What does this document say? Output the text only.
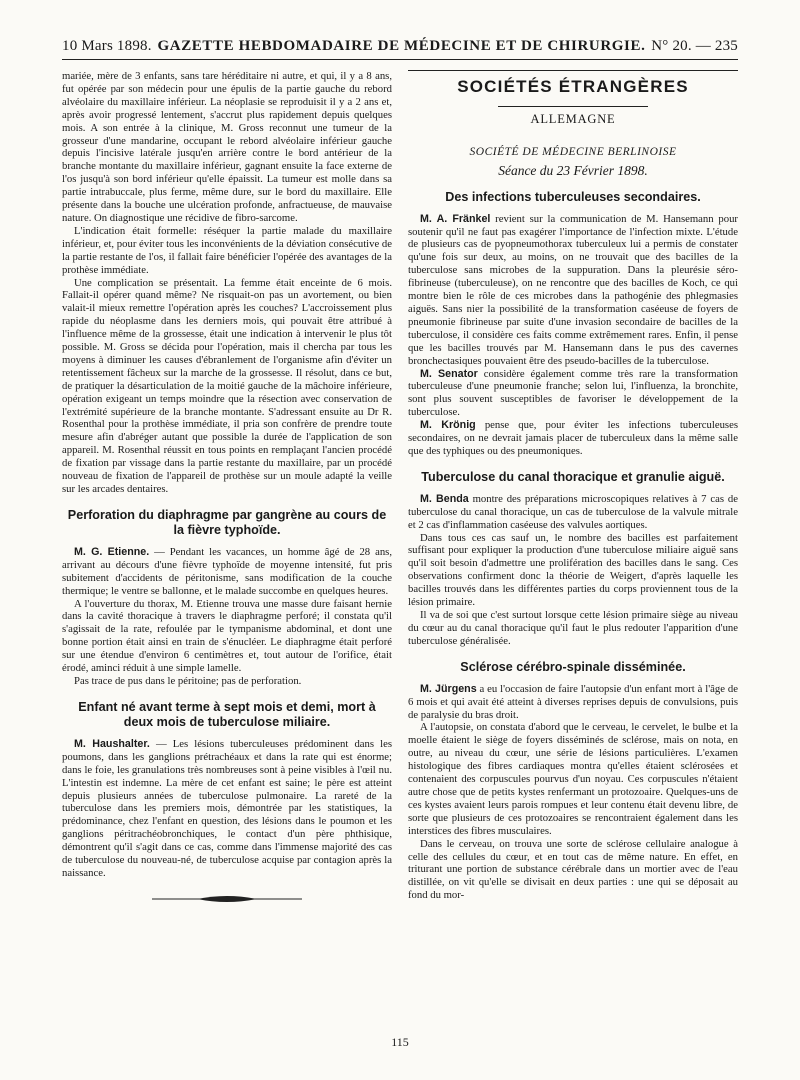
10 Mars 1898. GAZETTE HEBDOMADAIRE DE MÉDECINE ET DE CHIRURGIE. N° 20. — 235

mariée, mère de 3 enfants, sans tare héréditaire ni autre, et qui, il y a 8 ans, fut opérée par son médecin pour une épulis de la partie gauche du rebord alvéolaire du maxillaire inférieur. La néoplasie se reproduisit il y a 2 ans et, après avoir progressé lentement, s'accrut plus rapidement depuis quelques mois. A son entrée à la clinique, M. Gross reconnut une tumeur de la grosseur d'une mandarine, occupant le rebord alvéolaire inférieur gauche depuis l'incisive latérale jusqu'en arrière contre le bord antérieur de la branche montante du maxillaire inférieur, gagnant ensuite la face externe de l'os jusqu'à son bord inférieur qu'elle épaissit. La tumeur est molle dans sa partie intrabuccale, plus ferme, même dure, sur le bord du maxillaire. Elle présente dans la bouche une ulcération profonde, anfractueuse, de mauvaise nature. On diagnostique une récidive de fibro-sarcome.

L'indication était formelle: réséquer la partie malade du maxillaire inférieur, et, pour éviter tous les inconvénients de la déviation consécutive de la partie restante de l'os, il fallait faire bénéficier l'opérée des avantages de la prothèse immédiate.

Une complication se présentait. La femme était enceinte de 6 mois. Fallait-il opérer quand même? Ne risquait-on pas un avortement, ou bien valait-il mieux remettre l'opération après les couches? L'accroissement plus rapide du néoplasme dans les derniers mois, qui pouvait être attribué à l'influence même de la grossesse, était une indication à intervenir le plus tôt possible. M. Gross se décida pour l'opération, mais il chercha par tous les moyens à diminuer les causes d'ébranlement de l'organisme afin d'éviter un retentissement fâcheux sur la marche de la grossesse. Il résolut, dans ce but, de pratiquer la désarticulation de la moitié gauche de la mâchoire inférieure, opération exigeant un temps moindre que la résection avec conservation de l'extrémité supérieure de la branche montante. S'adressant ensuite au Dr R. Rosenthal pour la prothèse immédiate, il pria son confrère de prendre toute mesure afin d'abréger autant que possible la durée de l'application de son appareil. M. Rosenthal réussit en tous points en remplaçant l'ancien procédé de fixation par vissage dans la partie restante du maxillaire, par un procédé nouveau de fixation de l'appareil de prothèse sur un moule adapté la veille sur les arcades dentaires.

Perforation du diaphragme par gangrène au cours de la fièvre typhoïde.

M. G. Etienne. — Pendant les vacances, un homme âgé de 28 ans, arrivant au décours d'une fièvre typhoïde de moyenne intensité, fut pris subitement d'accidents de péritonisme, sans modification de la couche thermique; le ventre se ballonne, et le malade succombe en quelques heures.

A l'ouverture du thorax, M. Etienne trouva une masse dure faisant hernie dans la cavité thoracique à travers le diaphragme perforé; il constata qu'il s'agissait de la rate, refoulée par le tympanisme abdominal, et dont une bonne portion était ainsi en train de s'énucléer. Le diaphragme était perforé sur une étendue d'environ 6 centimètres et, tout autour de l'orifice, était érodé, aminci réduit à une simple lamelle.

Pas trace de pus dans le péritoine; pas de perforation.

Enfant né avant terme à sept mois et demi, mort à deux mois de tuberculose miliaire.

M. Haushalter. — Les lésions tuberculeuses prédominent dans les poumons, dans les ganglions prétrachéaux et dans la rate qui est énorme; dans le foie, les granulations très nombreuses sont à peine visibles à l'œil nu. L'intestin est indemne. La mère de cet enfant est saine; le père est atteint depuis plusieurs années de tuberculose pulmonaire. La rareté de la tuberculose dans les premiers mois, démontrée par les statistiques, la prédominance, chez l'enfant en question, des lésions dans le poumon et les ganglions péritrachéobronchiques, le contact d'un père phthisique, démontrent qu'il s'agit dans ce cas, comme dans l'immense majorité des cas de tuberculose du nouveau-né, de tuberculose acquise par contagion après la naissance.

SOCIÉTÉS ÉTRANGÈRES
ALLEMAGNE
SOCIÉTÉ DE MÉDECINE BERLINOISE
Séance du 23 Février 1898.
Des infections tuberculeuses secondaires.

M. A. Fränkel revient sur la communication de M. Hansemann pour soutenir qu'il ne faut pas exagérer l'importance de l'infection mixte. L'étude de plusieurs cas de pyopneumothorax tuberculeux lui a permis de constater qu'une fois sur deux, au moins, on ne trouvait que des bacilles de la tuberculose sans microbes de la suppuration. Dans la pleurésie séro-fibrineuse (tuberculeuse), on ne rencontre que des bacilles de Koch, ce qui montre bien le rôle de ces microbes dans la pathogénie des phlegmasies aiguës. Sans nier la possibilité de la transformation caséeuse de foyers de pneumonie fibrineuse par suite d'une invasion secondaire de bacilles de la tuberculose, il considère ces faits comme extrêmement rares. Enfin, il pense que les bacilles trouvés par M. Hansemann dans le pus des cavernes bronchectasiques pouvaient être des pseudo-bacilles de la tuberculose.

M. Senator considère également comme très rare la transformation tuberculeuse d'une pneumonie franche; selon lui, l'influenza, la bronchite, sont plus souvent susceptibles de favoriser le développement de la tuberculose.

M. Krönig pense que, pour éviter les infections tuberculeuses secondaires, on ne devrait jamais placer de tuberculeux dans la même salle que des typhiques ou des pneumoniques.

Tuberculose du canal thoracique et granulie aiguë.

M. Benda montre des préparations microscopiques relatives à 7 cas de tuberculose du canal thoracique, un cas de tuberculose de la valvule mitrale et 2 cas d'inflammation caséeuse des valvules aortiques.

Dans tous ces cas sauf un, le nombre des bacilles est parfaitement suffisant pour expliquer la production d'une tuberculose miliaire aiguë sans qu'il soit besoin d'admettre une prolifération des bacilles dans le sang. Ces observations confirment donc la théorie de Weigert, d'après laquelle les bacilles trouvés dans les différentes parties du corps proviennent tous de la lésion primaire.

Il va de soi que c'est surtout lorsque cette lésion primaire siège au niveau du cœur au du canal thoracique qu'il faut le plus redouter l'apparition d'une tuberculose généralisée.

Sclérose cérébro-spinale disséminée.

M. Jürgens a eu l'occasion de faire l'autopsie d'un enfant mort à l'âge de 6 mois et qui avait été atteint à diverses reprises depuis de convulsions, puis de paralysie du bras droit.

A l'autopsie, on constata d'abord que le cerveau, le cervelet, le bulbe et la moelle étaient le siège de foyers disséminés de sclérose, mais on nota, en outre, au niveau du cœur, une série de lésions particulières. L'examen histologique des fibres cardiaques montra qu'elles étaient sclérosées et contenaient des corpuscules pourvus d'un noyau. Ces corpuscules n'étaient autre chose que de petits kystes renfermant un protozoaire. Quelques-uns de ces kystes avaient leurs parois rompues et leur contenu était devenu libre, de sorte que plusieurs de ces protozoaires se rencontraient également dans les interstices des fibres musculaires.

Dans le cerveau, on trouva une sorte de sclérose cellulaire analogue à celle des cellules du cœur, et en tout cas de même nature. En effet, en triturant une portion de substance cérébrale dans un mortier avec de l'eau distillée, on vit qu'elle se divisait en deux parties : une qui se déposait au fond du mor-

115
